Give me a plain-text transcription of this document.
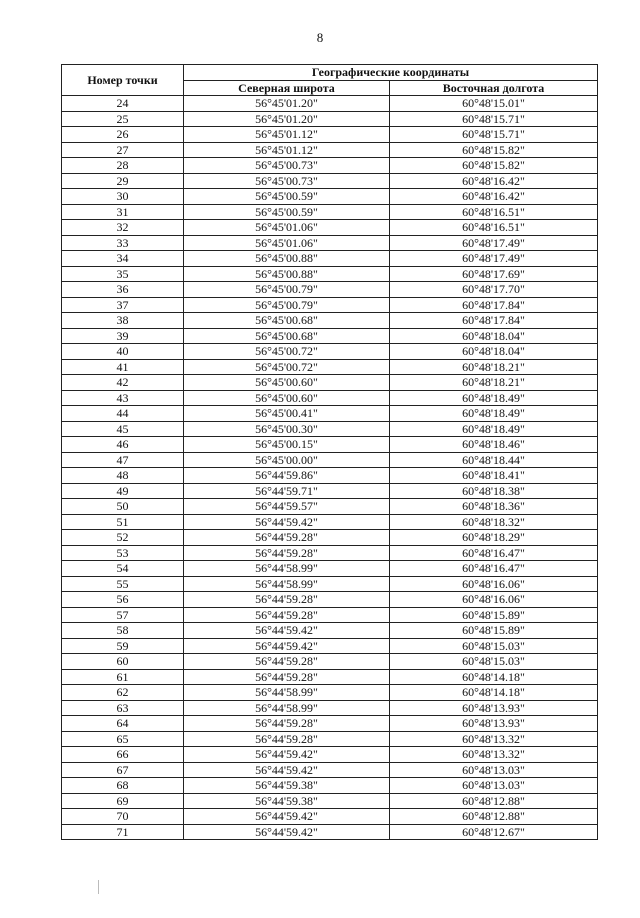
8
Номер точки	Географические координаты	
	Северная широта	Восточная долгота
24	56°45'01.20"	60°48'15.01"
25	56°45'01.20"	60°48'15.71"
26	56°45'01.12"	60°48'15.71"
27	56°45'01.12"	60°48'15.82"
28	56°45'00.73"	60°48'15.82"
29	56°45'00.73"	60°48'16.42"
30	56°45'00.59"	60°48'16.42"
31	56°45'00.59"	60°48'16.51"
32	56°45'01.06"	60°48'16.51"
33	56°45'01.06"	60°48'17.49"
34	56°45'00.88"	60°48'17.49"
35	56°45'00.88"	60°48'17.69"
36	56°45'00.79"	60°48'17.70"
37	56°45'00.79"	60°48'17.84"
38	56°45'00.68"	60°48'17.84"
39	56°45'00.68"	60°48'18.04"
40	56°45'00.72"	60°48'18.04"
41	56°45'00.72"	60°48'18.21"
42	56°45'00.60"	60°48'18.21"
43	56°45'00.60"	60°48'18.49"
44	56°45'00.41"	60°48'18.49"
45	56°45'00.30"	60°48'18.49"
46	56°45'00.15"	60°48'18.46"
47	56°45'00.00"	60°48'18.44"
48	56°44'59.86"	60°48'18.41"
49	56°44'59.71"	60°48'18.38"
50	56°44'59.57"	60°48'18.36"
51	56°44'59.42"	60°48'18.32"
52	56°44'59.28"	60°48'18.29"
53	56°44'59.28"	60°48'16.47"
54	56°44'58.99"	60°48'16.47"
55	56°44'58.99"	60°48'16.06"
56	56°44'59.28"	60°48'16.06"
57	56°44'59.28"	60°48'15.89"
58	56°44'59.42"	60°48'15.89"
59	56°44'59.42"	60°48'15.03"
60	56°44'59.28"	60°48'15.03"
61	56°44'59.28"	60°48'14.18"
62	56°44'58.99"	60°48'14.18"
63	56°44'58.99"	60°48'13.93"
64	56°44'59.28"	60°48'13.93"
65	56°44'59.28"	60°48'13.32"
66	56°44'59.42"	60°48'13.32"
67	56°44'59.42"	60°48'13.03"
68	56°44'59.38"	60°48'13.03"
69	56°44'59.38"	60°48'12.88"
70	56°44'59.42"	60°48'12.88"
71	56°44'59.42"	60°48'12.67"
